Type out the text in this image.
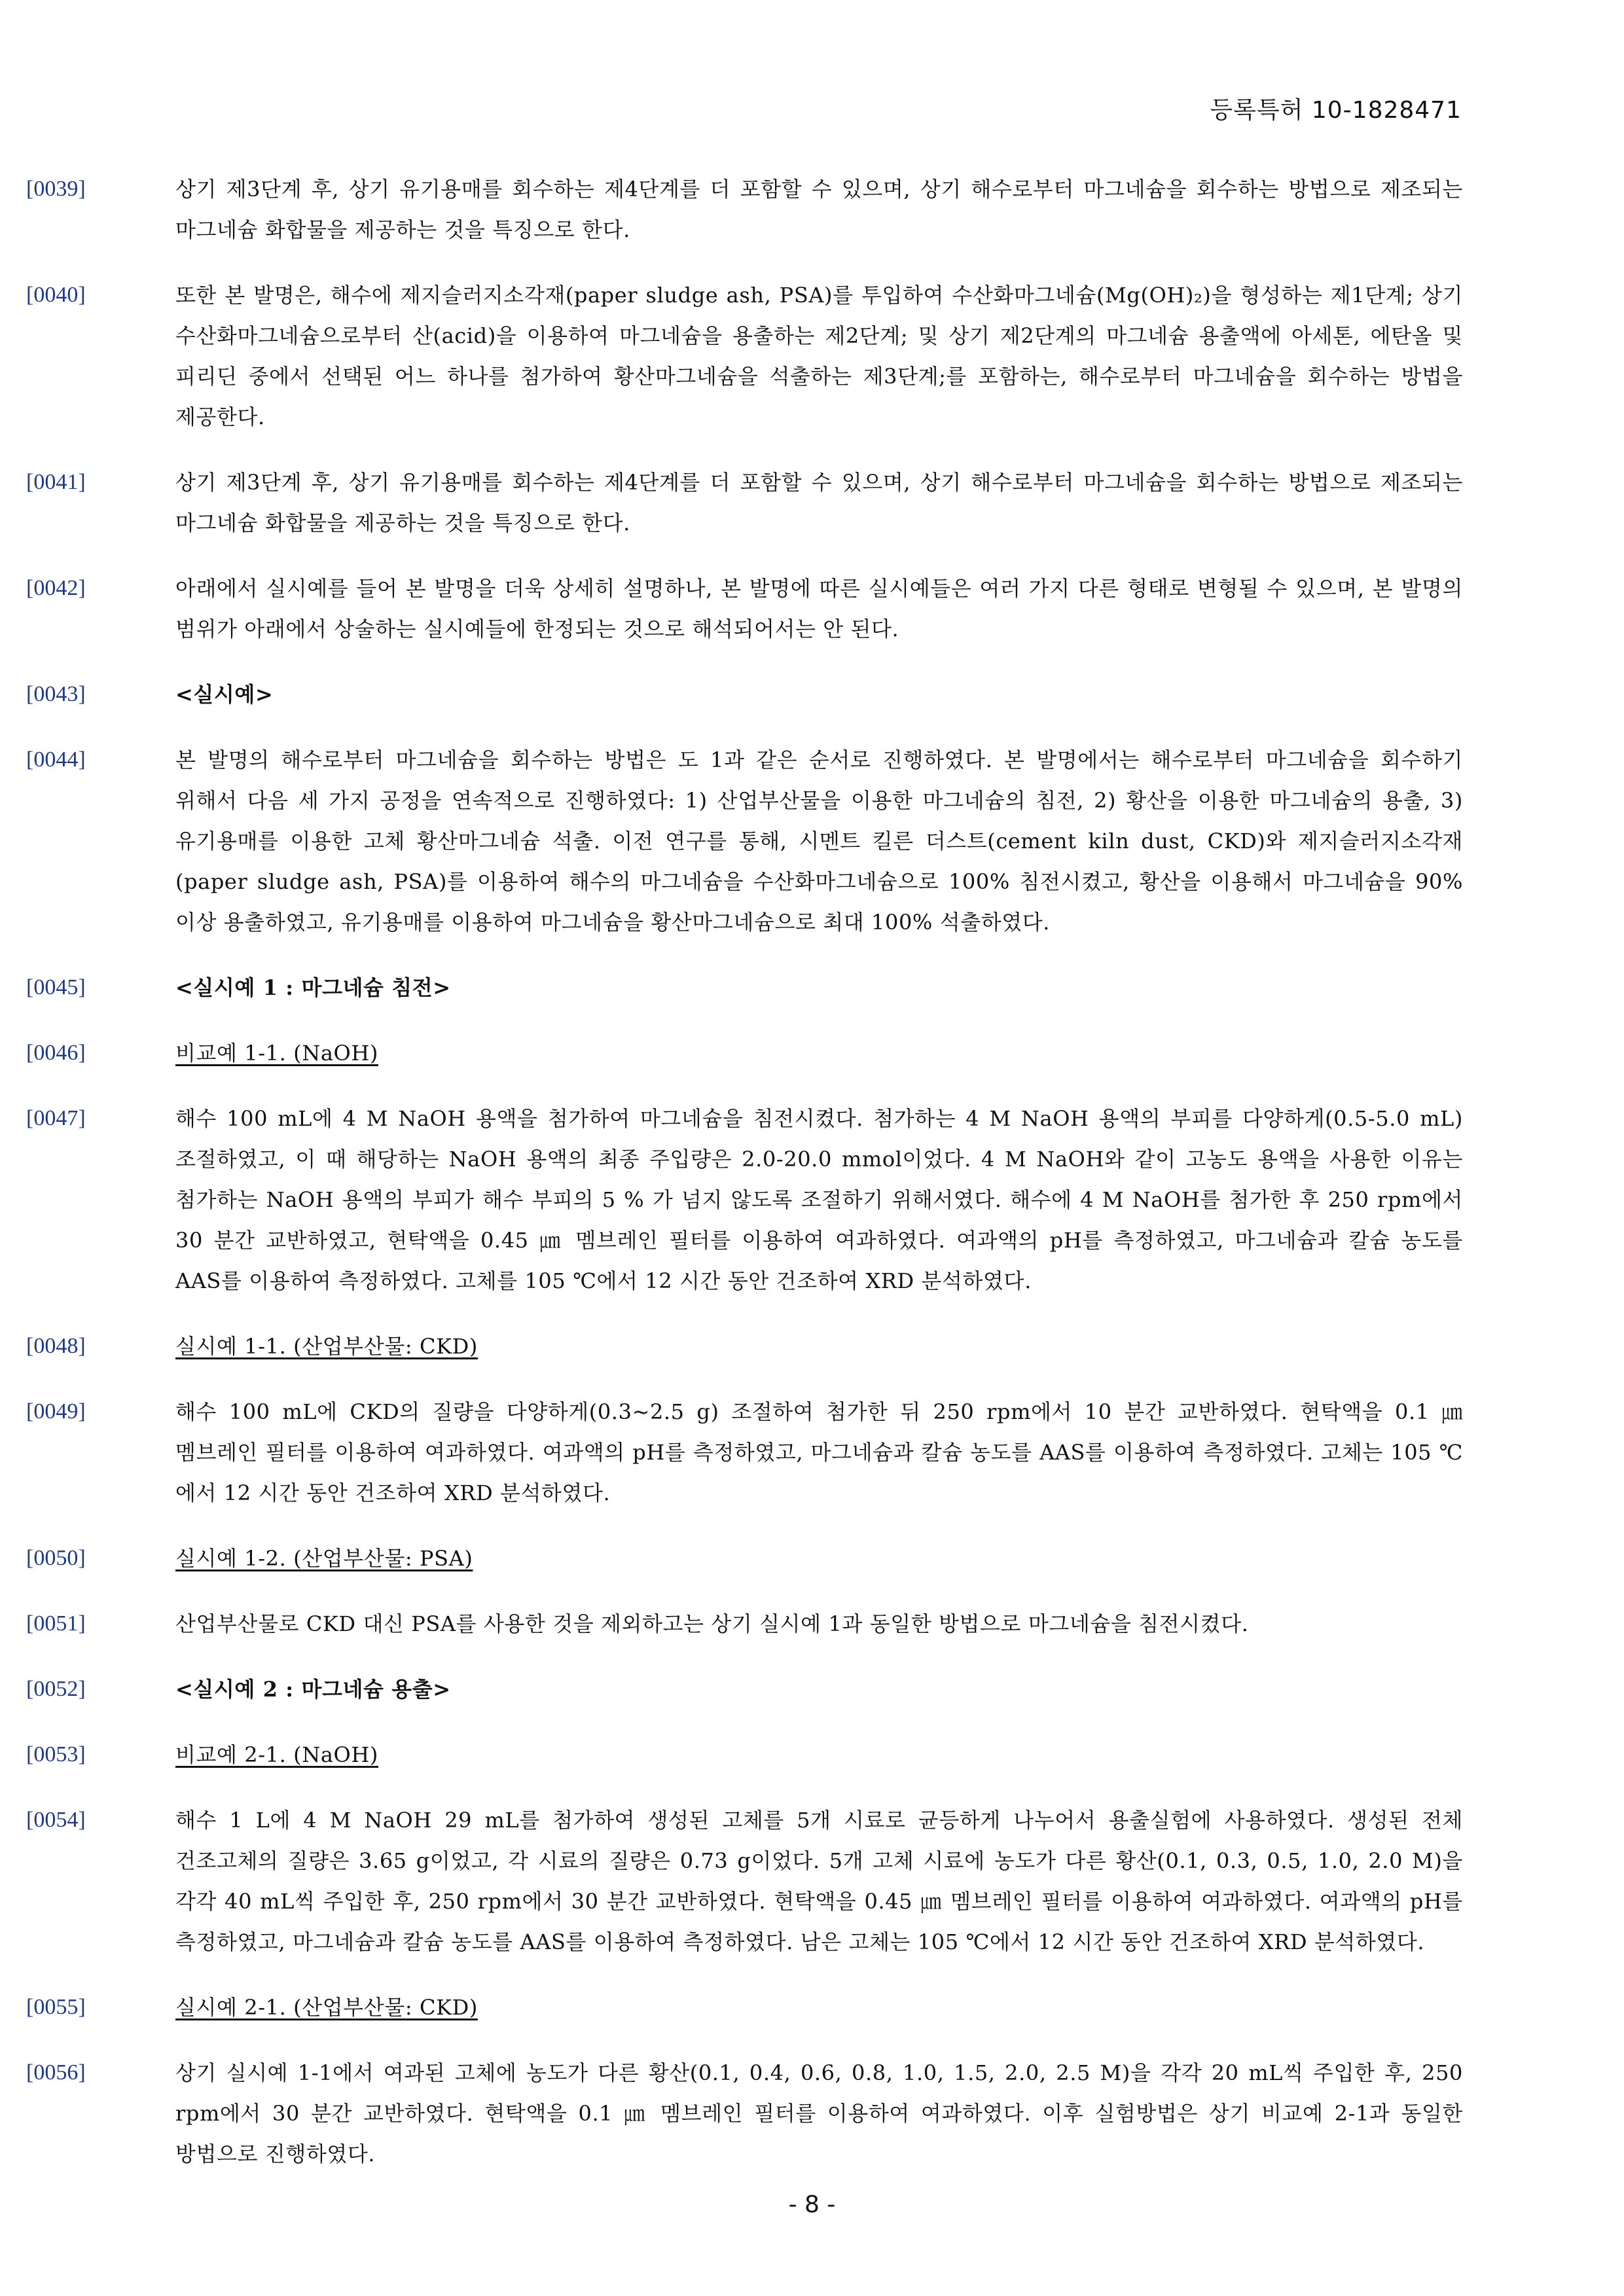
등록특허 10-1828471
[0039]	상기 제3단계 후, 상기 유기용매를 회수하는 제4단계를 더 포함할 수 있으며, 상기 해수로부터 마그네슘을 회수하는 방법으로 제조되는 마그네슘 화합물을 제공하는 것을 특징으로 한다.
[0040]	또한 본 발명은, 해수에 제지슬러지소각재(paper sludge ash, PSA)를 투입하여 수산화마그네슘(Mg(OH)₂)을 형성하는 제1단계; 상기 수산화마그네슘으로부터 산(acid)을 이용하여 마그네슘을 용출하는 제2단계; 및 상기 제2단계의 마그네슘 용출액에 아세톤, 에탄올 및 피리딘 중에서 선택된 어느 하나를 첨가하여 황산마그네슘을 석출하는 제3단계;를 포함하는, 해수로부터 마그네슘을 회수하는 방법을 제공한다.
[0041]	상기 제3단계 후, 상기 유기용매를 회수하는 제4단계를 더 포함할 수 있으며, 상기 해수로부터 마그네슘을 회수하는 방법으로 제조되는 마그네슘 화합물을 제공하는 것을 특징으로 한다.
[0042]	아래에서 실시예를 들어 본 발명을 더욱 상세히 설명하나, 본 발명에 따른 실시예들은 여러 가지 다른 형태로 변형될 수 있으며, 본 발명의 범위가 아래에서 상술하는 실시예들에 한정되는 것으로 해석되어서는 안 된다.
[0043]	<실시예>
[0044]	본 발명의 해수로부터 마그네슘을 회수하는 방법은 도 1과 같은 순서로 진행하였다. 본 발명에서는 해수로부터 마그네슘을 회수하기 위해서 다음 세 가지 공정을 연속적으로 진행하였다: 1) 산업부산물을 이용한 마그네슘의 침전, 2) 황산을 이용한 마그네슘의 용출, 3) 유기용매를 이용한 고체 황산마그네슘 석출. 이전 연구를 통해, 시멘트 킬른 더스트(cement kiln dust, CKD)와 제지슬러지소각재(paper sludge ash, PSA)를 이용하여 해수의 마그네슘을 수산화마그네슘으로 100% 침전시켰고, 황산을 이용해서 마그네슘을 90% 이상 용출하였고, 유기용매를 이용하여 마그네슘을 황산마그네슘으로 최대 100% 석출하였다.
[0045]	<실시예 1 : 마그네슘 침전>
[0046]	비교예 1-1. (NaOH)
[0047]	해수 100 mL에 4 M NaOH 용액을 첨가하여 마그네슘을 침전시켰다. 첨가하는 4 M NaOH 용액의 부피를 다양하게(0.5-5.0 mL) 조절하였고, 이 때 해당하는 NaOH 용액의 최종 주입량은 2.0-20.0 mmol이었다. 4 M NaOH와 같이 고농도 용액을 사용한 이유는 첨가하는 NaOH 용액의 부피가 해수 부피의 5 % 가 넘지 않도록 조절하기 위해서였다. 해수에 4 M NaOH를 첨가한 후 250 rpm에서 30 분간 교반하였고, 현탁액을 0.45 ㎛ 멤브레인 필터를 이용하여 여과하였다. 여과액의 pH를 측정하였고, 마그네슘과 칼슘 농도를 AAS를 이용하여 측정하였다. 고체를 105 ℃에서 12 시간 동안 건조하여 XRD 분석하였다.
[0048]	실시예 1-1. (산업부산물: CKD)
[0049]	해수 100 mL에 CKD의 질량을 다양하게(0.3~2.5 g) 조절하여 첨가한 뒤 250 rpm에서 10 분간 교반하였다. 현탁액을 0.1 ㎛ 멤브레인 필터를 이용하여 여과하였다. 여과액의 pH를 측정하였고, 마그네슘과 칼슘 농도를 AAS를 이용하여 측정하였다. 고체는 105 ℃에서 12 시간 동안 건조하여 XRD 분석하였다.
[0050]	실시예 1-2. (산업부산물: PSA)
[0051]	산업부산물로 CKD 대신 PSA를 사용한 것을 제외하고는 상기 실시예 1과 동일한 방법으로 마그네슘을 침전시켰다.
[0052]	<실시예 2 : 마그네슘 용출>
[0053]	비교예 2-1. (NaOH)
[0054]	해수 1 L에 4 M NaOH 29 mL를 첨가하여 생성된 고체를 5개 시료로 균등하게 나누어서 용출실험에 사용하였다. 생성된 전체 건조고체의 질량은 3.65 g이었고, 각 시료의 질량은 0.73 g이었다. 5개 고체 시료에 농도가 다른 황산(0.1, 0.3, 0.5, 1.0, 2.0 M)을 각각 40 mL씩 주입한 후, 250 rpm에서 30 분간 교반하였다. 현탁액을 0.45 ㎛ 멤브레인 필터를 이용하여 여과하였다. 여과액의 pH를 측정하였고, 마그네슘과 칼슘 농도를 AAS를 이용하여 측정하였다. 남은 고체는 105 ℃에서 12 시간 동안 건조하여 XRD 분석하였다.
[0055]	실시예 2-1. (산업부산물: CKD)
[0056]	상기 실시예 1-1에서 여과된 고체에 농도가 다른 황산(0.1, 0.4, 0.6, 0.8, 1.0, 1.5, 2.0, 2.5 M)을 각각 20 mL씩 주입한 후, 250 rpm에서 30 분간 교반하였다. 현탁액을 0.1 ㎛ 멤브레인 필터를 이용하여 여과하였다. 이후 실험방법은 상기 비교예 2-1과 동일한 방법으로 진행하였다.
- 8 -
